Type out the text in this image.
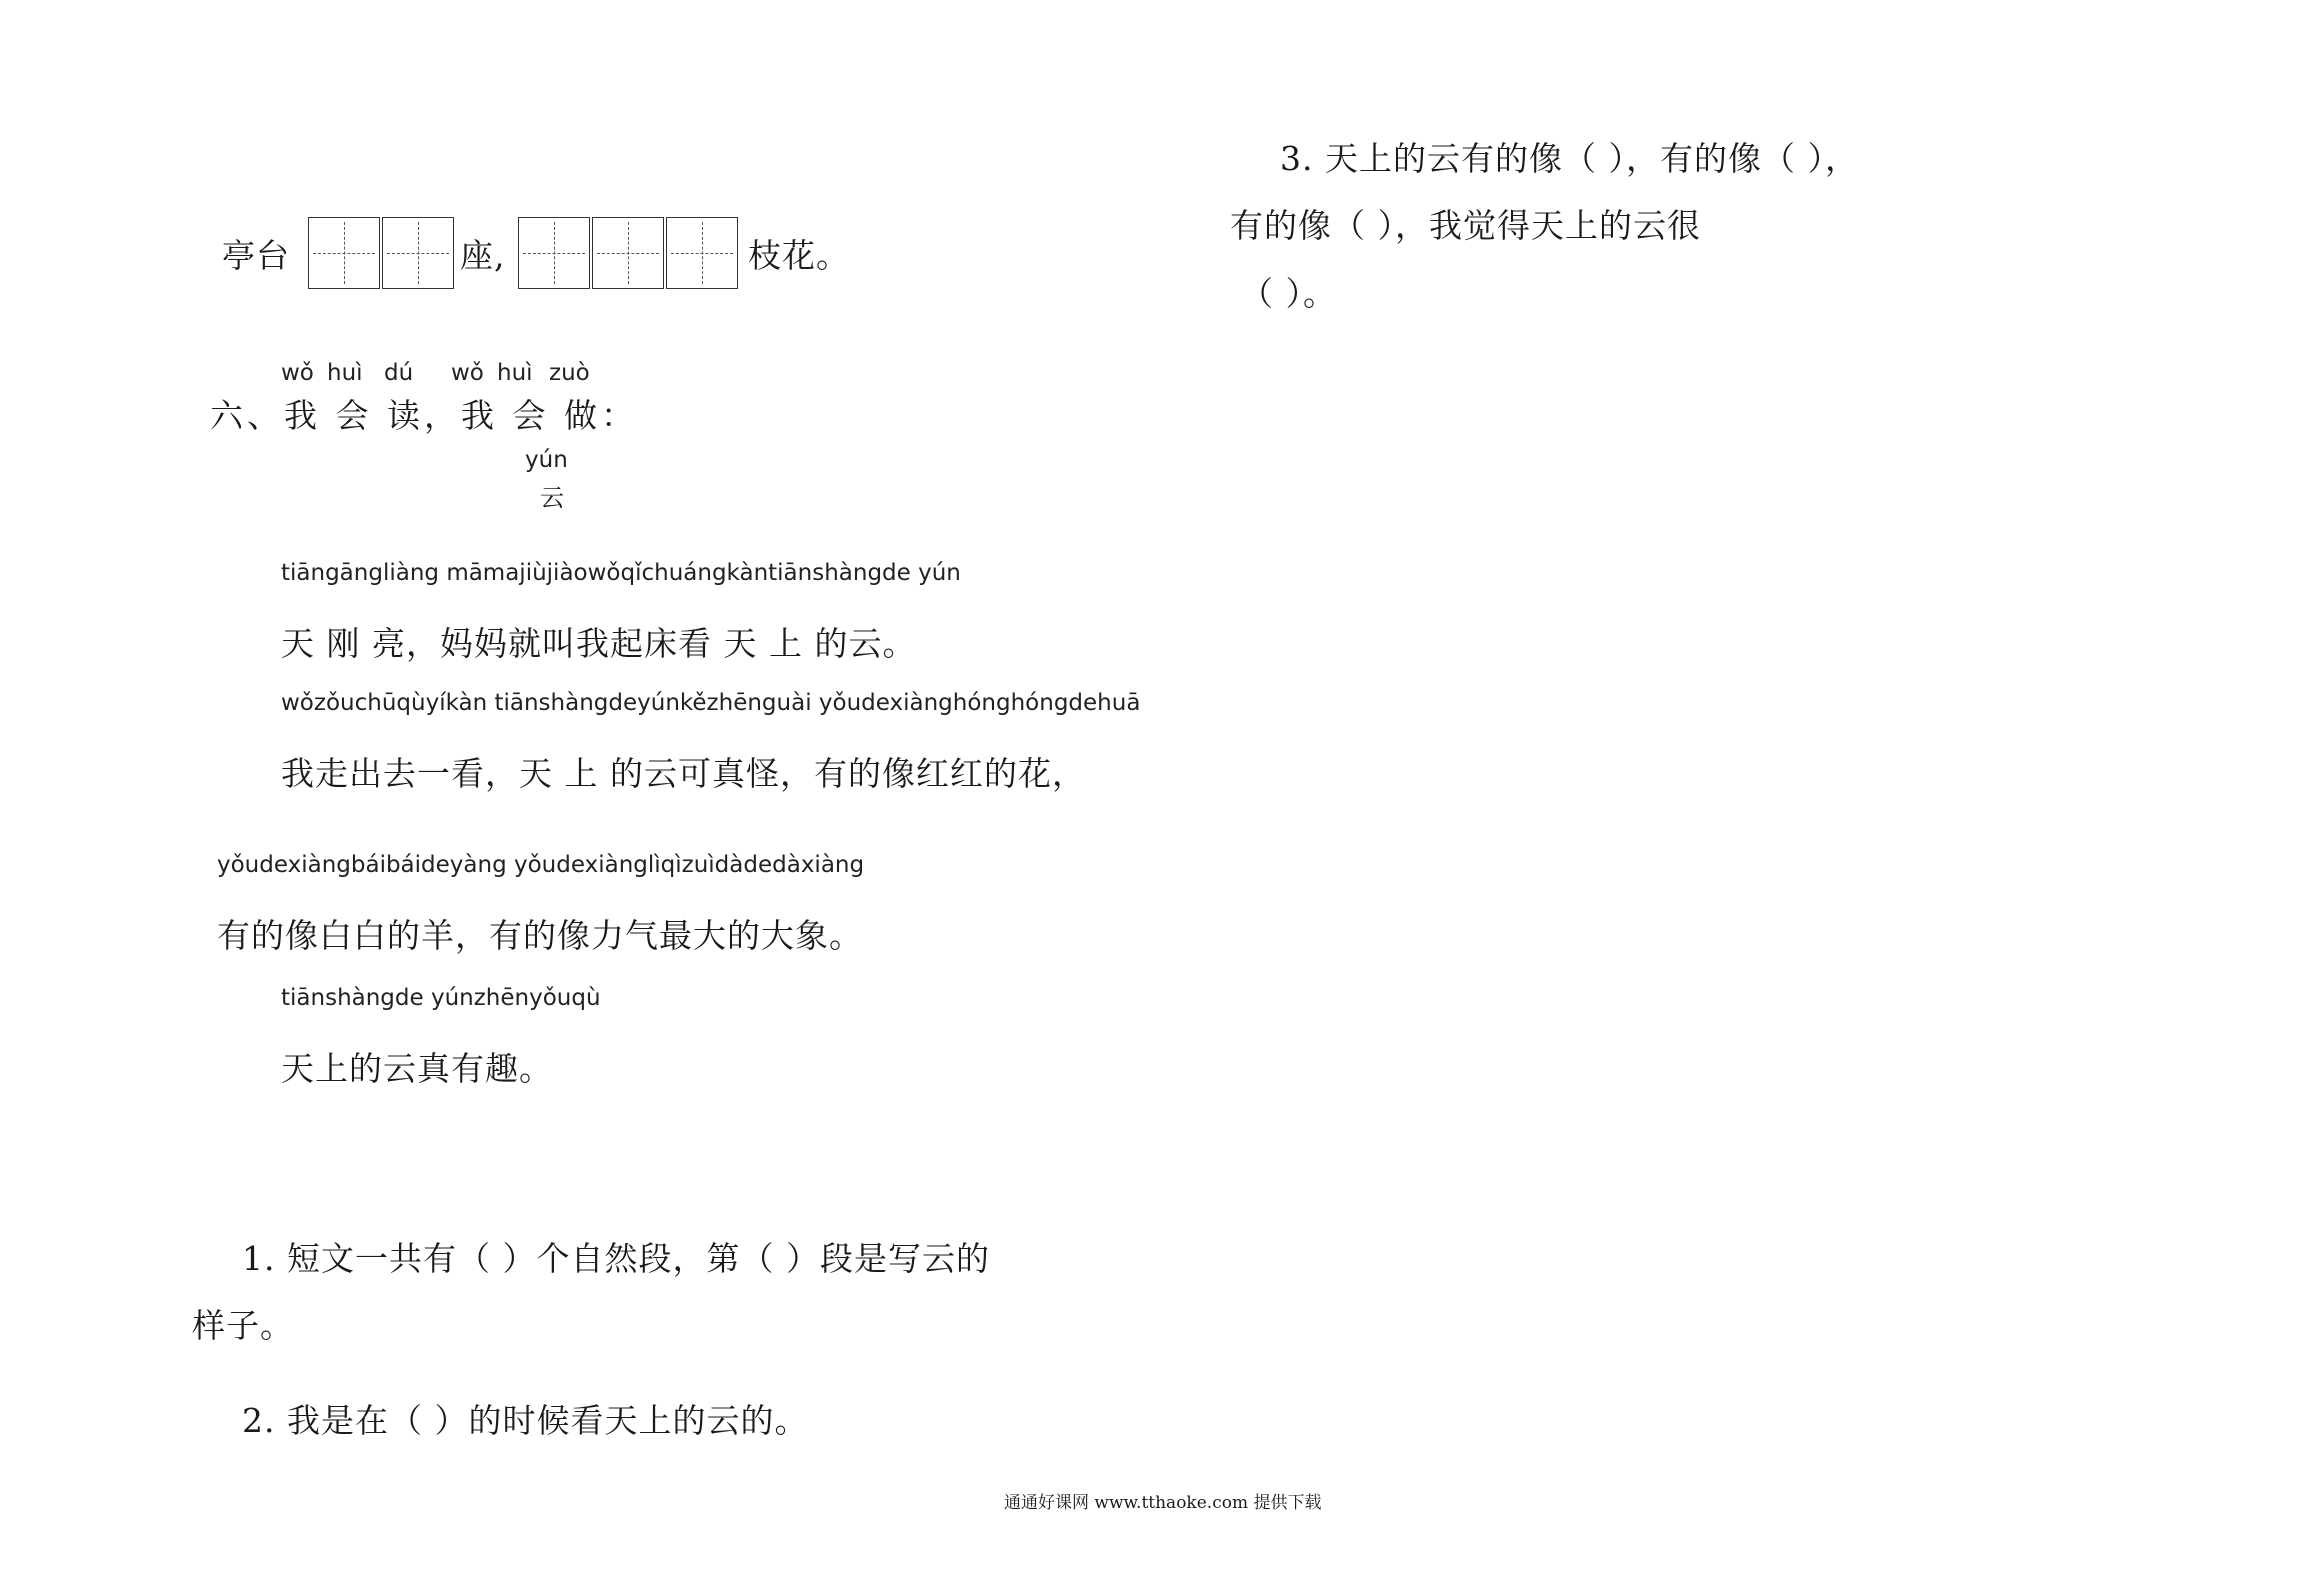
亭台	座,	枝花。
wǒ huì dú wǒ huì zuò
六、我 会 读，我 会 做：
yún
云
tiāngāngliàng māmajiùjiàowǒqǐchuángkàntiānshàngde yún
天 刚 亮，妈妈就叫我起床看 天 上 的云。
wǒzǒuchūqùyíkàn tiānshàngdeyúnkězhēnguài yǒudexiànghónghóngdehuā
我走出去一看，天 上 的云可真怪，有的像红红的花，
yǒudexiàngbáibáideyàng yǒudexiànglìqìzuìdàdedàxiàng
有的像白白的羊，有的像力气最大的大象。
tiānshàngde yúnzhēnyǒuqù
天上的云真有趣。
1. 短文一共有（ ）个自然段，第（ ）段是写云的
样子。
2. 我是在（ ）的时候看天上的云的。
3. 天上的云有的像（ ），有的像（ ），
有的像（ ），我觉得天上的云很
（ ）。
通通好课网 www.tthaoke.com 提供下载
